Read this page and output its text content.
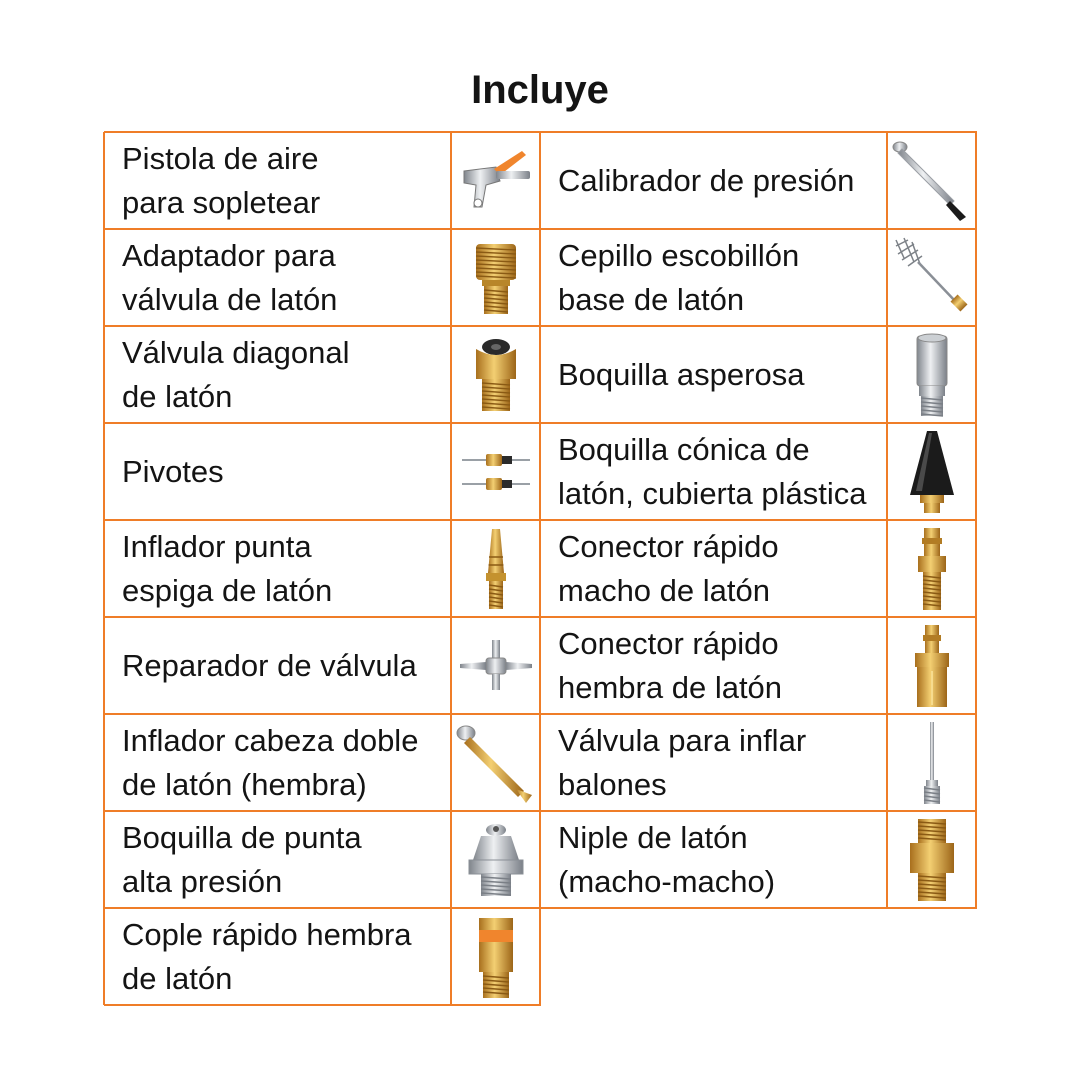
Incluye
Pistola de aire
para sopletear
Adaptador para
válvula de latón
Válvula diagonal
de latón
Pivotes
Inflador punta
espiga de latón
Reparador de válvula
Inflador cabeza doble
de latón (hembra)
Boquilla de punta
alta presión
Cople rápido hembra
de latón
Calibrador de presión
Cepillo escobillón
base de latón
Boquilla asperosa
Boquilla cónica de
latón, cubierta plástica
Conector rápido
macho de latón
Conector rápido
hembra de latón
Válvula para inflar
balones
Niple de latón
(macho-macho)
